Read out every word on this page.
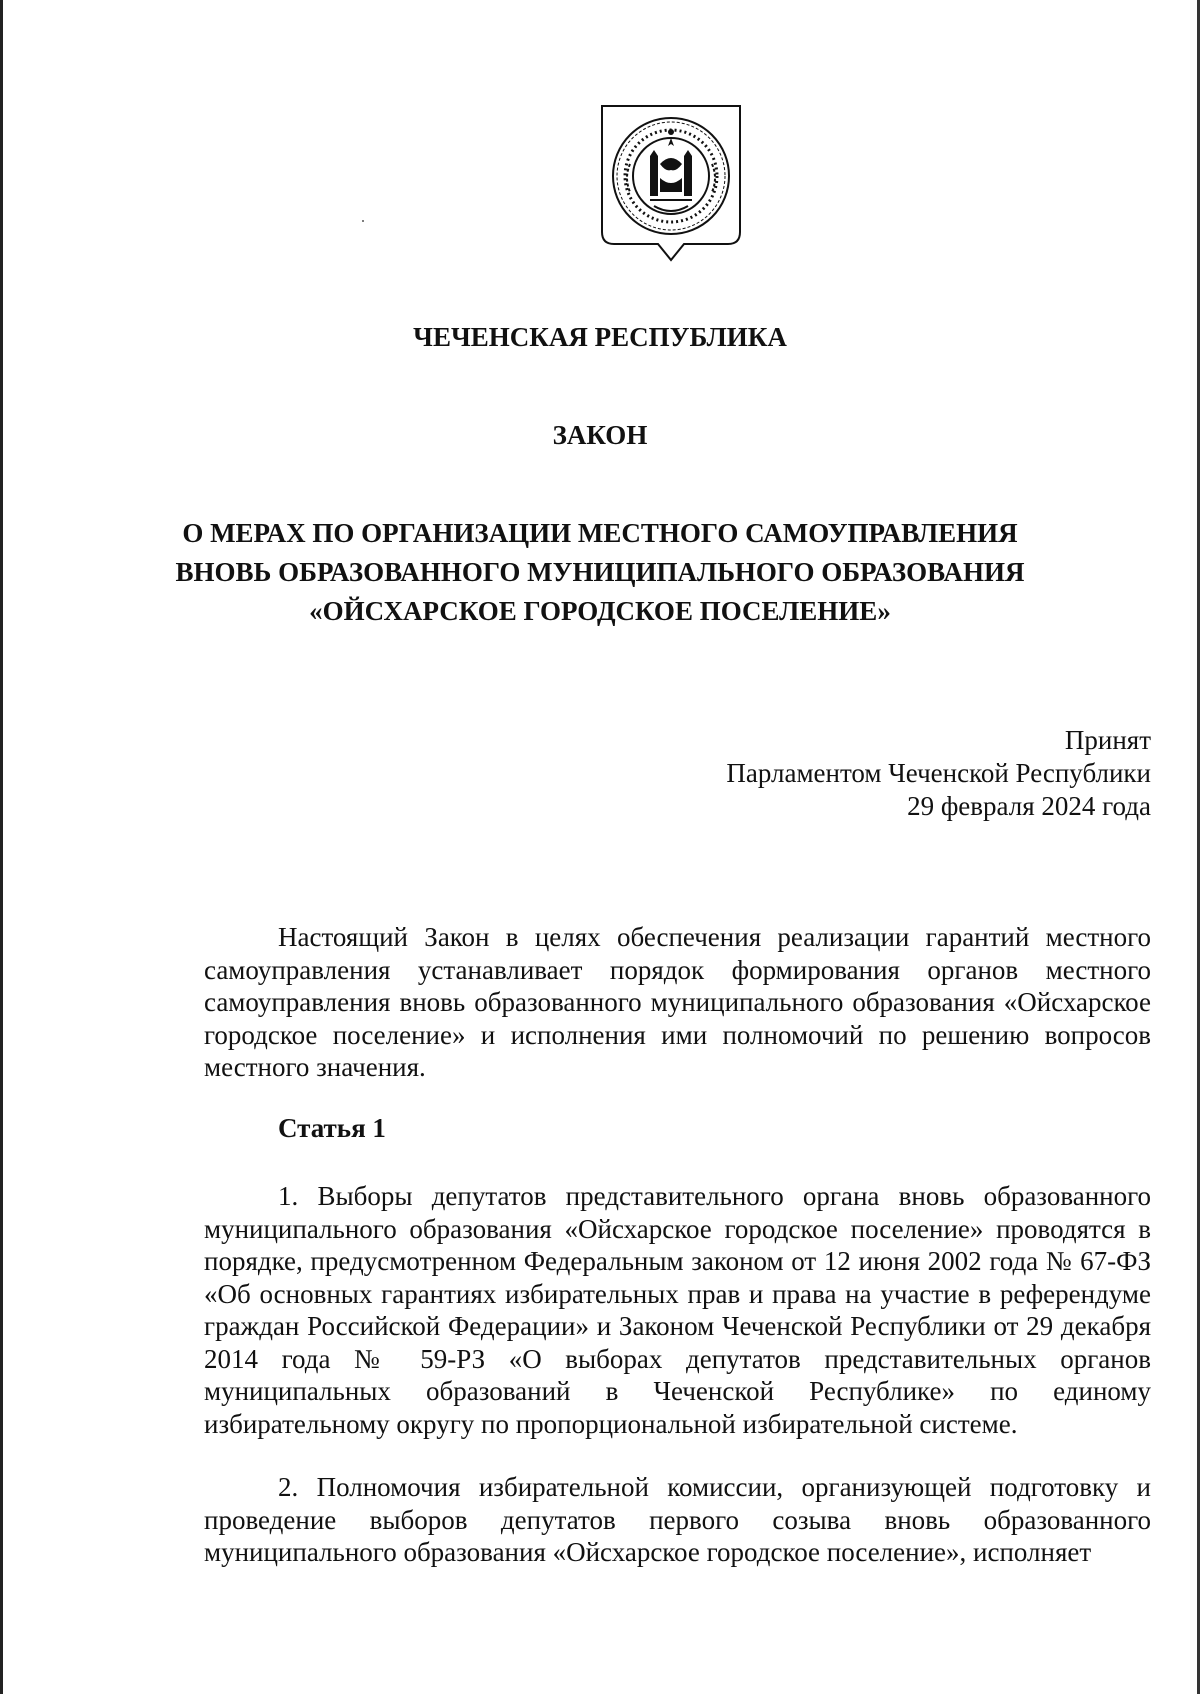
ЧЕЧЕНСКАЯ РЕСПУБЛИКА
ЗАКОН
О МЕРАХ ПО ОРГАНИЗАЦИИ МЕСТНОГО САМОУПРАВЛЕНИЯ
ВНОВЬ ОБРАЗОВАННОГО МУНИЦИПАЛЬНОГО ОБРАЗОВАНИЯ
«ОЙСХАРСКОЕ ГОРОДСКОЕ ПОСЕЛЕНИЕ»
Принят
Парламентом Чеченской Республики
29 февраля 2024 года

Настоящий Закон в целях обеспечения реализации гарантий местного самоуправления устанавливает порядок формирования органов местного самоуправления вновь образованного муниципального образования «Ойсхарское городское поселение» и исполнения ими полномочий по решению вопросов местного значения.

Статья 1

1. Выборы депутатов представительного органа вновь образованного муниципального образования «Ойсхарское городское поселение» проводятся в порядке, предусмотренном Федеральным законом от 12 июня 2002 года № 67-ФЗ «Об основных гарантиях избирательных прав и права на участие в референдуме граждан Российской Федерации» и Законом Чеченской Республики от 29 декабря 2014 года № 59-РЗ «О выборах депутатов представительных органов муниципальных образований в Чеченской Республике» по единому избирательному округу по пропорциональной избирательной системе.

2. Полномочия избирательной комиссии, организующей подготовку и проведение выборов депутатов первого созыва вновь образованного муниципального образования «Ойсхарское городское поселение», исполняет
